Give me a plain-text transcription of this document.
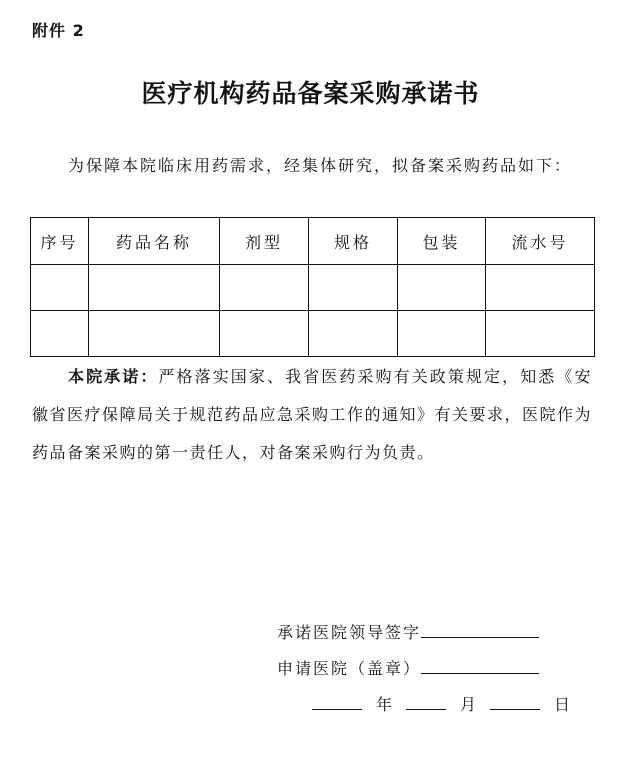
附件 2
医疗机构药品备案采购承诺书
为保障本院临床用药需求，经集体研究，拟备案采购药品如下：
序号	药品名称	剂型	规格	包装	流水号

本院承诺：严格落实国家、我省医药采购有关政策规定，知悉《安徽省医疗保障局关于规范药品应急采购工作的通知》有关要求，医院作为药品备案采购的第一责任人，对备案采购行为负责。
承诺医院领导签字
申请医院（盖章）
年	月	日
